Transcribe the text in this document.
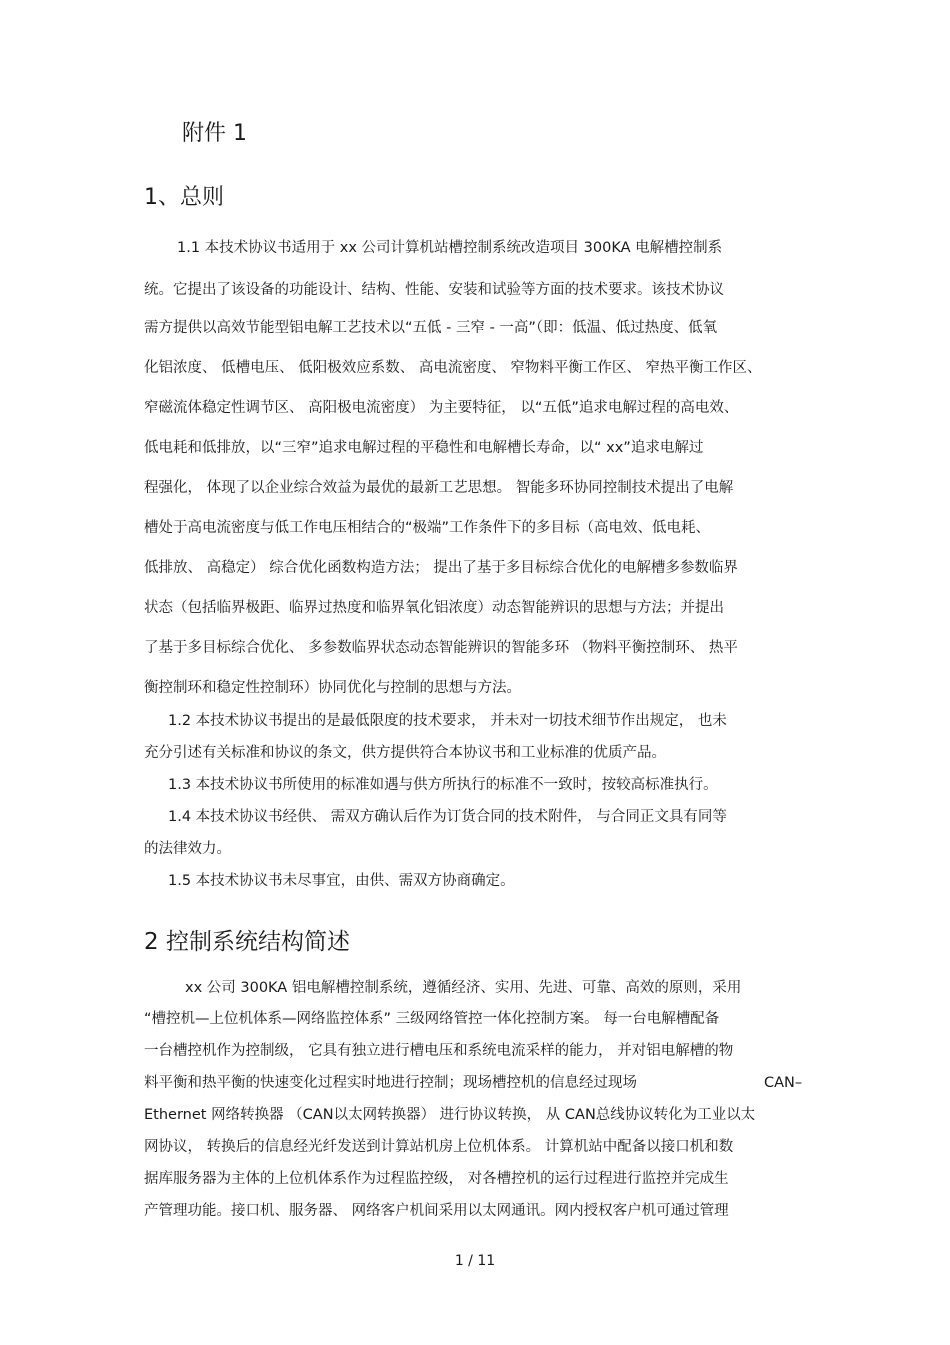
附件 1
1、总则
1.1 本技术协议书适用于 xx 公司计算机站槽控制系统改造项目 300KA 电解槽控制系
统。它提出了该设备的功能设计、结构、性能、安装和试验等方面的技术要求。该技术协议
需方提供以高效节能型铝电解工艺技术以“五低 - 三窄 - 一高”（即：低温、低过热度、低氧
化铝浓度、 低槽电压、 低阳极效应系数、 高电流密度、 窄物料平衡工作区、 窄热平衡工作区、
窄磁流体稳定性调节区、 高阳极电流密度） 为主要特征， 以“五低”追求电解过程的高电效、
低电耗和低排放，以“三窄”追求电解过程的平稳性和电解槽长寿命，以“ xx”追求电解过
程强化， 体现了以企业综合效益为最优的最新工艺思想。 智能多环协同控制技术提出了电解
槽处于高电流密度与低工作电压相结合的“极端”工作条件下的多目标（高电效、低电耗、
低排放、 高稳定） 综合优化函数构造方法； 提出了基于多目标综合优化的电解槽多参数临界
状态（包括临界极距、临界过热度和临界氧化铝浓度）动态智能辨识的思想与方法；并提出
了基于多目标综合优化、 多参数临界状态动态智能辨识的智能多环 （物料平衡控制环、 热平
衡控制环和稳定性控制环）协同优化与控制的思想与方法。
1.2 本技术协议书提出的是最低限度的技术要求， 并未对一切技术细节作出规定， 也未
充分引述有关标准和协议的条文，供方提供符合本协议书和工业标准的优质产品。
1.3 本技术协议书所使用的标准如遇与供方所执行的标准不一致时，按较高标准执行。
1.4 本技术协议书经供、 需双方确认后作为订货合同的技术附件， 与合同正文具有同等
的法律效力。
1.5 本技术协议书未尽事宜，由供、需双方协商确定。
2 控制系统结构简述
xx 公司 300KA 铝电解槽控制系统，遵循经济、实用、先进、可靠、高效的原则，采用
“槽控机—上位机体系—网络监控体系” 三级网络管控一体化控制方案。 每一台电解槽配备
一台槽控机作为控制级， 它具有独立进行槽电压和系统电流采样的能力， 并对铝电解槽的物
料平衡和热平衡的快速变化过程实时地进行控制；现场槽控机的信息经过现场	CAN–
Ethernet 网络转换器 （CAN以太网转换器） 进行协议转换， 从 CAN总线协议转化为工业以太
网协议， 转换后的信息经光纤发送到计算站机房上位机体系。 计算机站中配备以接口机和数
据库服务器为主体的上位机体系作为过程监控级， 对各槽控机的运行过程进行监控并完成生
产管理功能。接口机、服务器、 网络客户机间采用以太网通讯。网内授权客户机可通过管理
1 / 11
